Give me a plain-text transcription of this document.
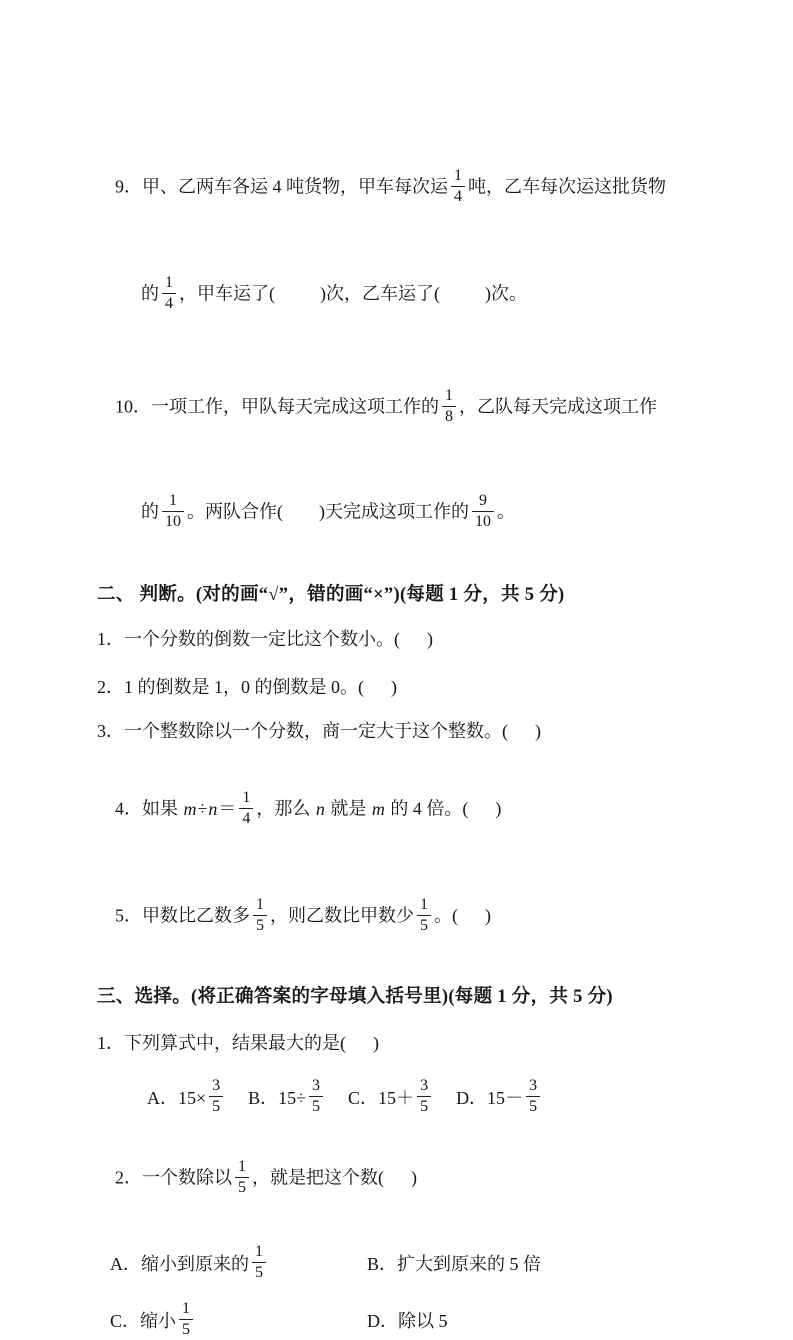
9．甲、乙两车各运 4 吨货物，甲车每次运 $\frac{1}{4}$ 吨，乙车每次运这批货物

的 $\frac{1}{4}$ ，甲车运了(          )次，乙车运了(          )次。

10．一项工作，甲队每天完成这项工作的 $\frac{1}{8}$ ，乙队每天完成这项工作

的 $\frac{1}{10}$ 。两队合作(        )天完成这项工作的 $\frac{9}{10}$ 。

二、 判断。(对的画“√”，错的画“×”)(每题 1 分，共 5 分)
1．一个分数的倒数一定比这个数小。(      )
2．1 的倒数是 1，0 的倒数是 0。(      )
3．一个整数除以一个分数，商一定大于这个整数。(      )

4．如果 $m\div n= \frac{1}{4}$ ，那么 n 就是 m 的 4 倍。(      )

5．甲数比乙数多 $\frac{1}{5}$ ，则乙数比甲数少 $\frac{1}{5}$ 。(      )

三、选择。(将正确答案的字母填入括号里)(每题 1 分，共 5 分)
1．下列算式中，结果最大的是(      )
A．$15\times \frac{3}{5}$ B．$15\div \frac{3}{5}$ C．$15+ \frac{3}{5}$ D．$15- \frac{3}{5}$

2．一个数除以 $\frac{1}{5}$ ，就是把这个数(      )

A．缩小到原来的 $\frac{1}{5}$	B．扩大到原来的 5 倍
C．缩小 $\frac{1}{5}$	D．除以 5
